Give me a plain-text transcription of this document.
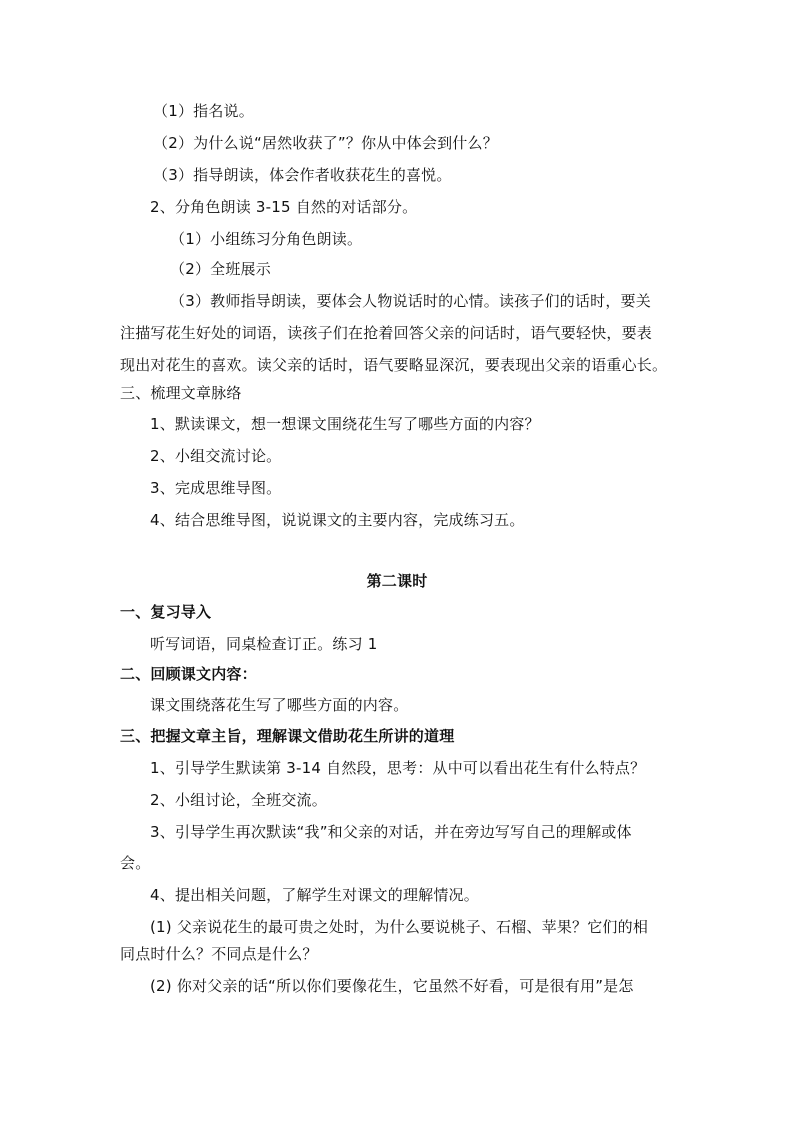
（1）指名说。
（2）为什么说“居然收获了”？你从中体会到什么？
（3）指导朗读，体会作者收获花生的喜悦。
2、分角色朗读 3-15 自然的对话部分。
（1）小组练习分角色朗读。
（2）全班展示
（3）教师指导朗读，要体会人物说话时的心情。读孩子们的话时，要关
注描写花生好处的词语，读孩子们在抢着回答父亲的问话时，语气要轻快，要表
现出对花生的喜欢。读父亲的话时，语气要略显深沉，要表现出父亲的语重心长。
三、梳理文章脉络
1、默读课文，想一想课文围绕花生写了哪些方面的内容？
2、小组交流讨论。
3、完成思维导图。
4、结合思维导图，说说课文的主要内容，完成练习五。
第二课时
一、复习导入
听写词语，同桌检查订正。练习 1
二、回顾课文内容：
课文围绕落花生写了哪些方面的内容。
三、把握文章主旨，理解课文借助花生所讲的道理
1、引导学生默读第 3-14 自然段，思考：从中可以看出花生有什么特点？
2、小组讨论，全班交流。
3、引导学生再次默读“我”和父亲的对话，并在旁边写写自己的理解或体
会。
4、提出相关问题，了解学生对课文的理解情况。
(1) 父亲说花生的最可贵之处时，为什么要说桃子、石榴、苹果？它们的相
同点时什么？不同点是什么？
(2) 你对父亲的话“所以你们要像花生，它虽然不好看，可是很有用”是怎
